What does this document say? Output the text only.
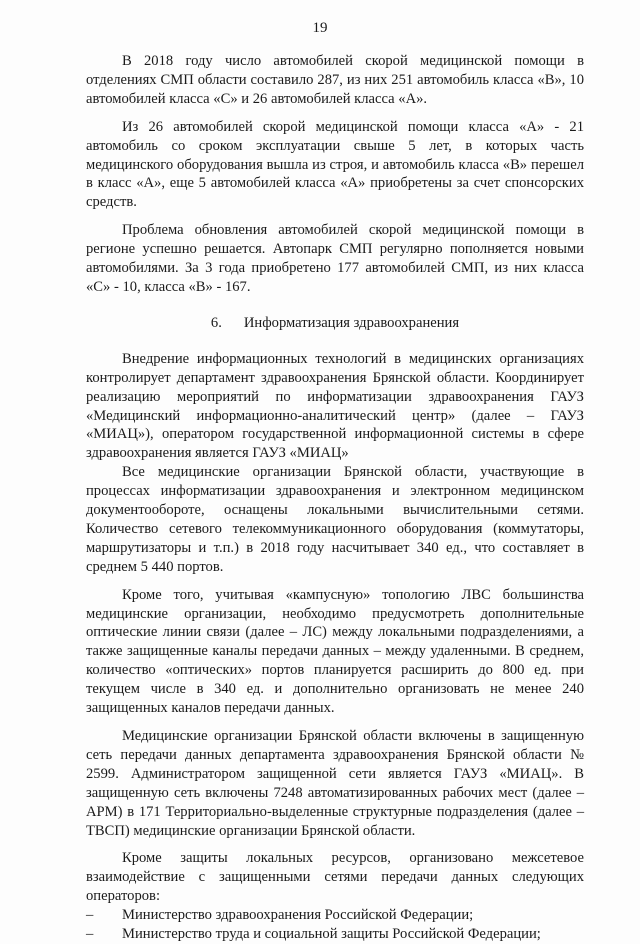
19

В 2018 году число автомобилей скорой медицинской помощи в отделениях СМП области составило 287, из них 251 автомобиль класса «В», 10 автомобилей класса «С» и 26 автомобилей класса «А».

Из 26 автомобилей скорой медицинской помощи класса «А» - 21 автомобиль со сроком эксплуатации свыше 5 лет, в которых часть медицинского оборудования вышла из строя, и автомобиль класса «В» перешел в класс «А», еще 5 автомобилей класса «А» приобретены за счет спонсорских средств.

Проблема обновления автомобилей скорой медицинской помощи в регионе успешно решается. Автопарк СМП регулярно пополняется новыми автомобилями. За 3 года приобретено 177 автомобилей СМП, из них класса «С» - 10, класса «В» - 167.

6. Информатизация здравоохранения

Внедрение информационных технологий в медицинских организациях контролирует департамент здравоохранения Брянской области. Координирует реализацию мероприятий по информатизации здравоохранения ГАУЗ «Медицинский информационно-аналитический центр» (далее – ГАУЗ «МИАЦ»), оператором государственной информационной системы в сфере здравоохранения является ГАУЗ «МИАЦ»

Все медицинские организации Брянской области, участвующие в процессах информатизации здравоохранения и электронном медицинском документообороте, оснащены локальными вычислительными сетями. Количество сетевого телекоммуникационного оборудования (коммутаторы, маршрутизаторы и т.п.) в 2018 году насчитывает 340 ед., что составляет в среднем 5 440 портов.

Кроме того, учитывая «кампусную» топологию ЛВС большинства медицинские организации, необходимо предусмотреть дополнительные оптические линии связи (далее – ЛС) между локальными подразделениями, а также защищенные каналы передачи данных – между удаленными. В среднем, количество «оптических» портов планируется расширить до 800 ед. при текущем числе в 340 ед. и дополнительно организовать не менее 240 защищенных каналов передачи данных.

Медицинские организации Брянской области включены в защищенную сеть передачи данных департамента здравоохранения Брянской области № 2599. Администратором защищенной сети является ГАУЗ «МИАЦ». В защищенную сеть включены 7248 автоматизированных рабочих мест (далее – АРМ) в 171 Территориально-выделенные структурные подразделения (далее – ТВСП) медицинские организации Брянской области.

Кроме защиты локальных ресурсов, организовано межсетевое взаимодействие с защищенными сетями передачи данных следующих операторов:

– Министерство здравоохранения Российской Федерации;
– Министерство труда и социальной защиты Российской Федерации;
